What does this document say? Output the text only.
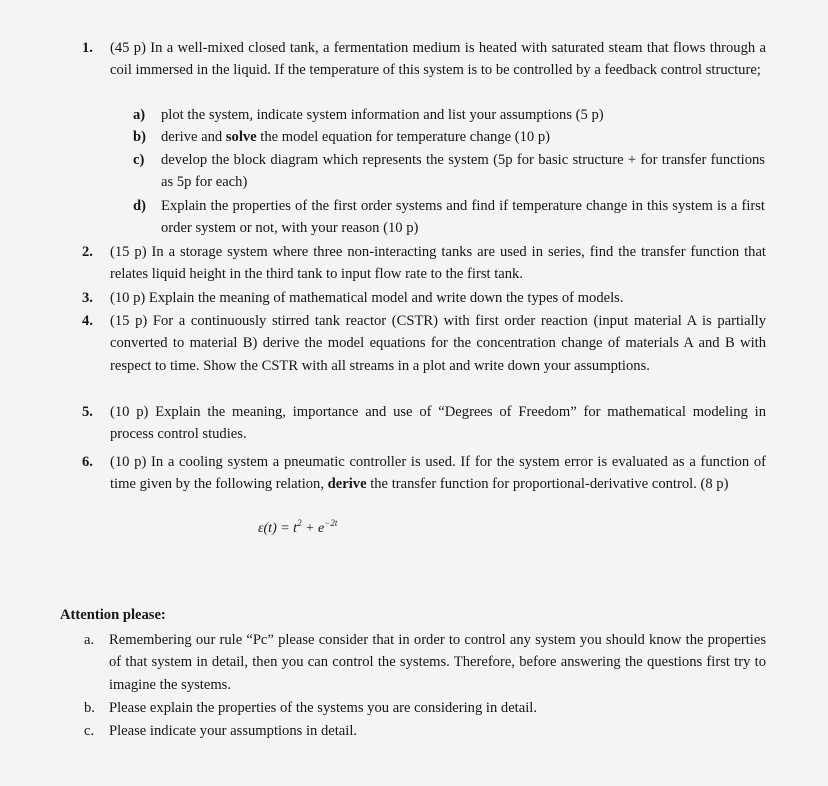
1. (45 p) In a well-mixed closed tank, a fermentation medium is heated with saturated steam that flows through a coil immersed in the liquid. If the temperature of this system is to be controlled by a feedback control structure;
a) plot the system, indicate system information and list your assumptions (5 p)
b) derive and solve the model equation for temperature change (10 p)
c) develop the block diagram which represents the system (5p for basic structure + for transfer functions as 5p for each)
d) Explain the properties of the first order systems and find if temperature change in this system is a first order system or not, with your reason (10 p)
2. (15 p) In a storage system where three non-interacting tanks are used in series, find the transfer function that relates liquid height in the third tank to input flow rate to the first tank.
3. (10 p) Explain the meaning of mathematical model and write down the types of models.
4. (15 p) For a continuously stirred tank reactor (CSTR) with first order reaction (input material A is partially converted to material B) derive the model equations for the concentration change of materials A and B with respect to time. Show the CSTR with all streams in a plot and write down your assumptions.
5. (10 p) Explain the meaning, importance and use of “Degrees of Freedom” for mathematical modeling in process control studies.
6. (10 p) In a cooling system a pneumatic controller is used. If for the system error is evaluated as a function of time given by the following relation, derive the transfer function for proportional-derivative control. (8 p)
$\varepsilon(t) = t^2 + e^{-2t}$
Attention please:
a. Remembering our rule “Pc” please consider that in order to control any system you should know the properties of that system in detail, then you can control the systems. Therefore, before answering the questions first try to imagine the systems.
b. Please explain the properties of the systems you are considering in detail.
c. Please indicate your assumptions in detail.
